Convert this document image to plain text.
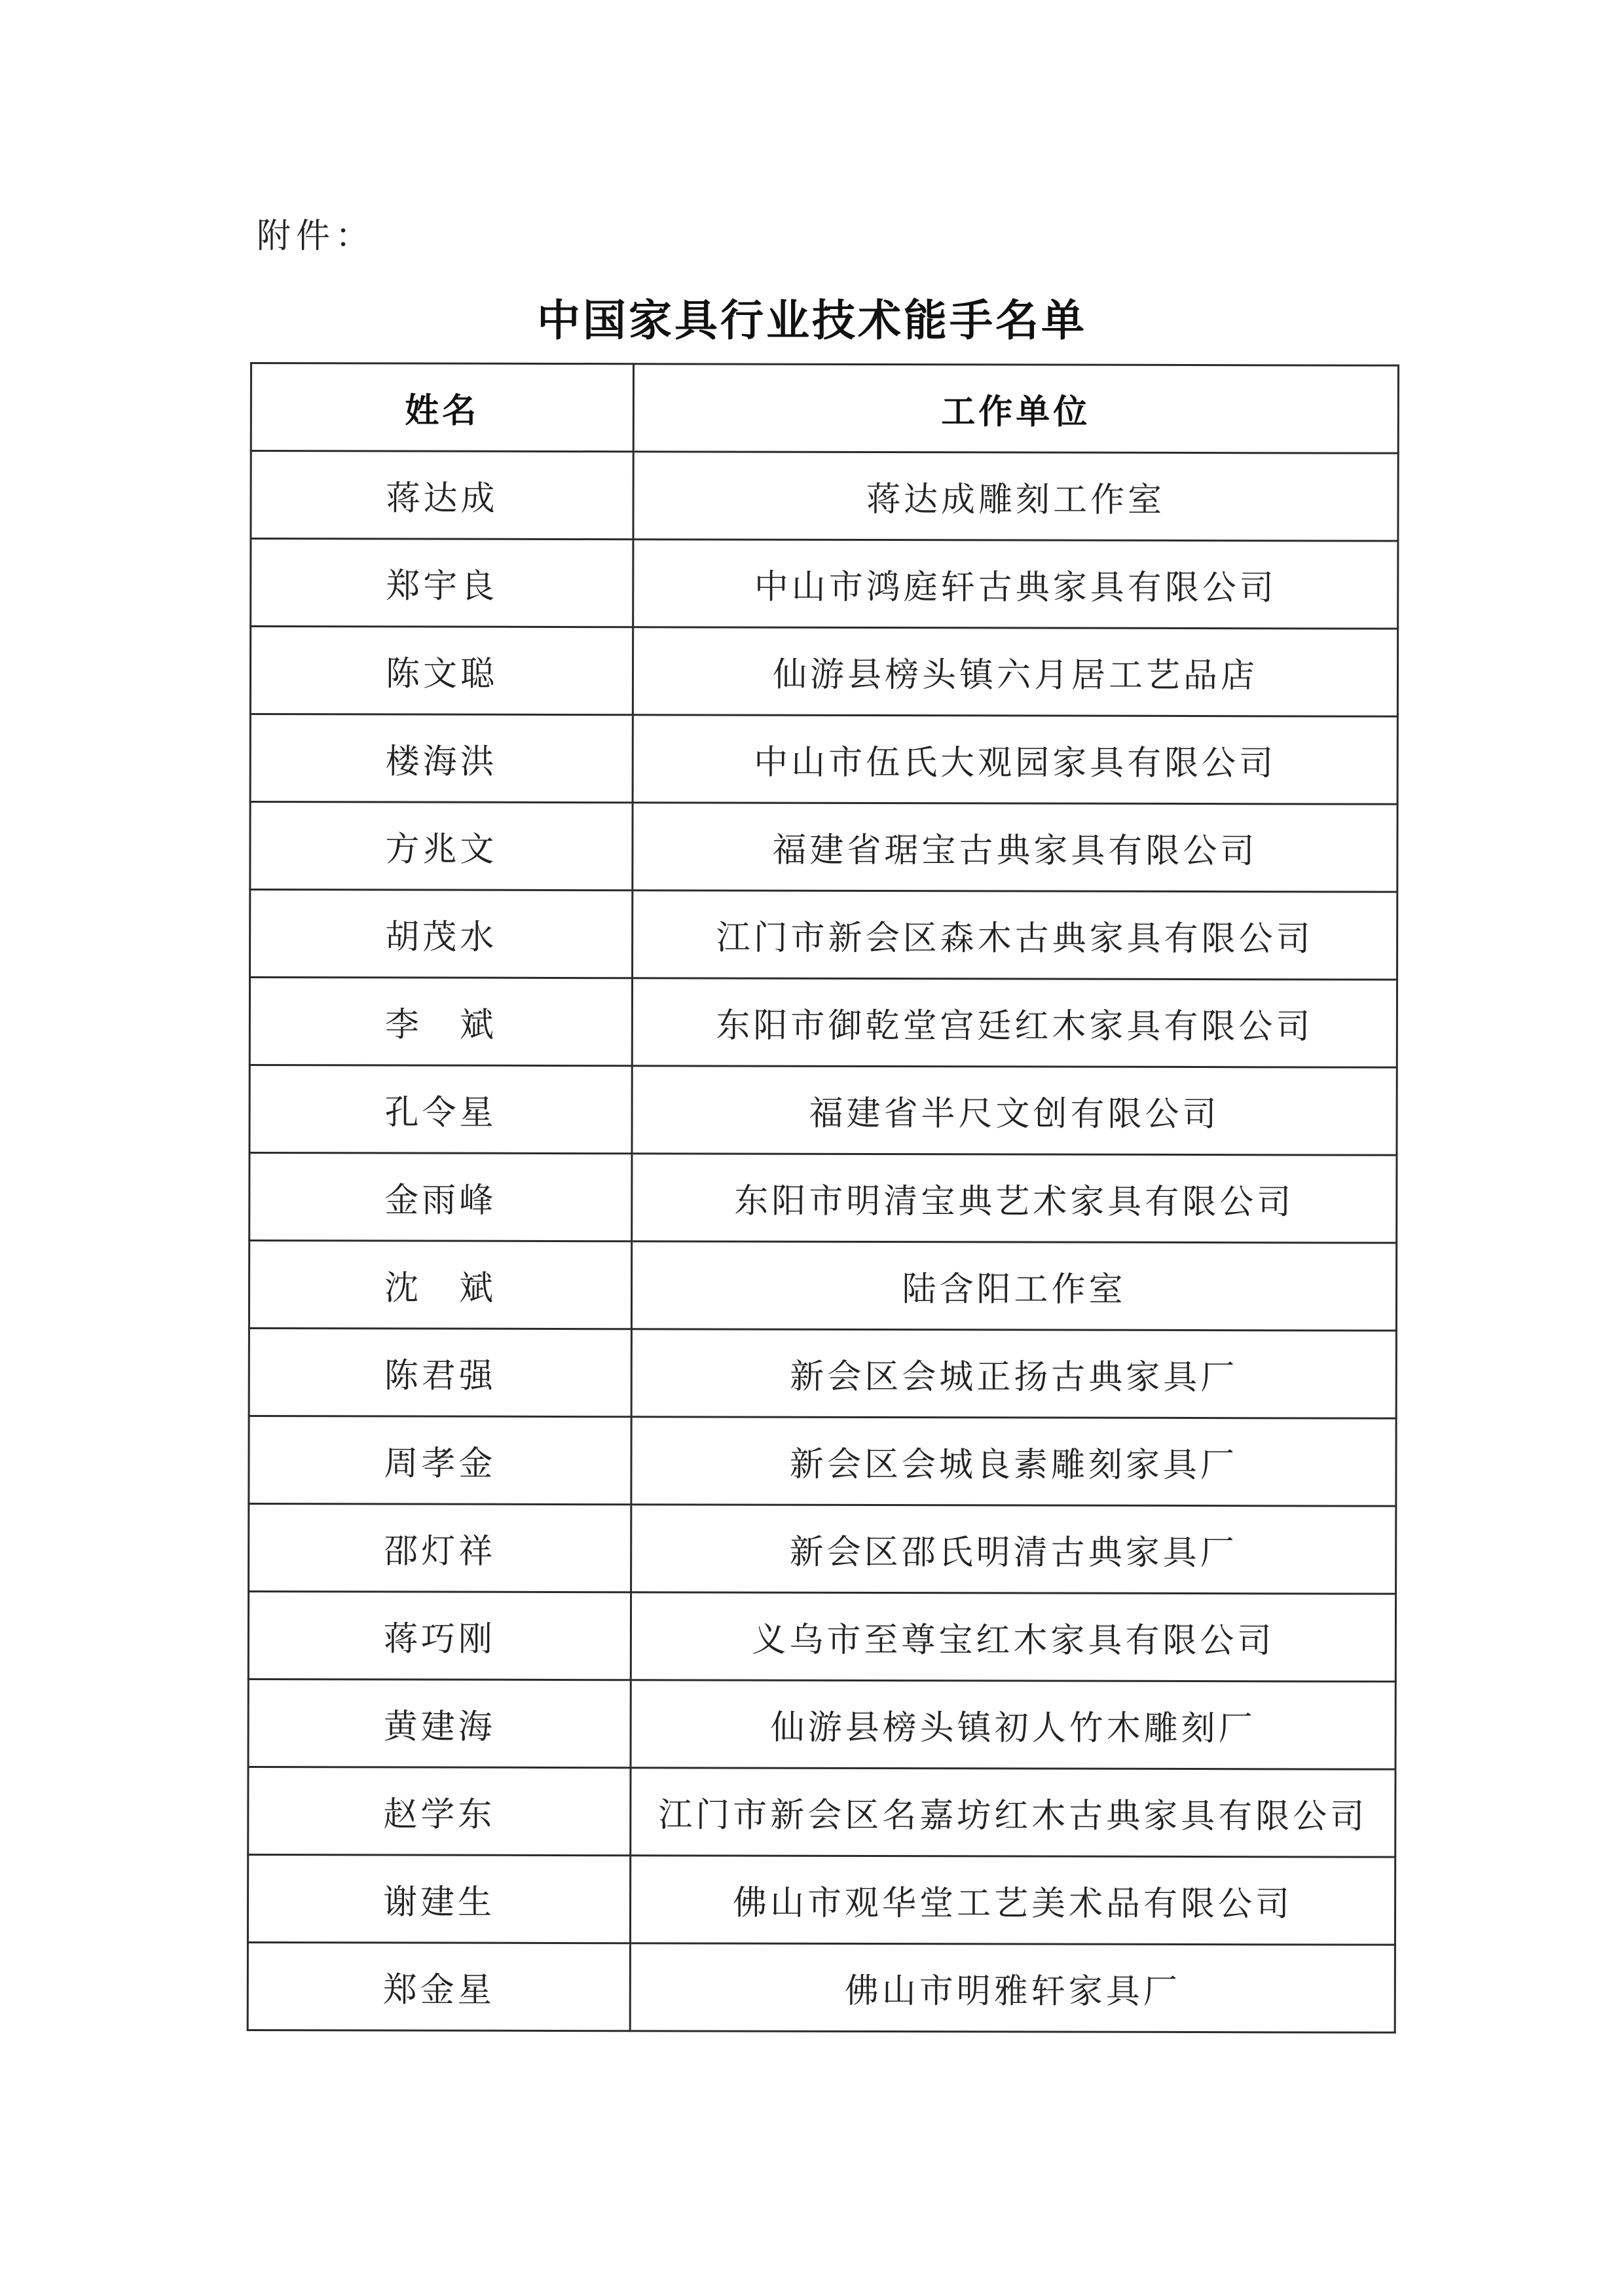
附件：
中国家具行业技术能手名单
姓名	工作单位
蒋达成	蒋达成雕刻工作室
郑宇良	中山市鸿庭轩古典家具有限公司
陈文聪	仙游县榜头镇六月居工艺品店
楼海洪	中山市伍氏大观园家具有限公司
方兆文	福建省琚宝古典家具有限公司
胡茂水	江门市新会区森木古典家具有限公司
李　斌	东阳市御乾堂宫廷红木家具有限公司
孔令星	福建省半尺文创有限公司
金雨峰	东阳市明清宝典艺术家具有限公司
沈　斌	陆含阳工作室
陈君强	新会区会城正扬古典家具厂
周孝金	新会区会城良素雕刻家具厂
邵灯祥	新会区邵氏明清古典家具厂
蒋巧刚	义乌市至尊宝红木家具有限公司
黄建海	仙游县榜头镇初人竹木雕刻厂
赵学东	江门市新会区名嘉坊红木古典家具有限公司
谢建生	佛山市观华堂工艺美术品有限公司
郑金星	佛山市明雅轩家具厂
